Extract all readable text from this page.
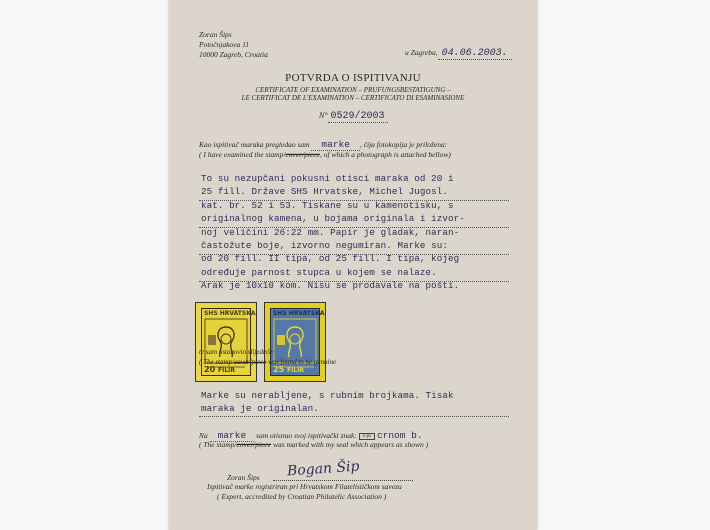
Zoran Šips
Potočnjakova 11
10000 Zagreb, Croatia	u Zagrebu, 04.06.2003.
POTVRDA O ISPITIVANJU
CERTIFICATE OF EXAMINATION – PRUFUNGSBESTATIGUNG –
LE CERTIFICAT DE L'EXAMINATION – CERTIFICATO DI ESAMINASIONE
N° 0529/2003
Kao ispitivač maraka pregledao sam marke , čija fotokopija je priložena:
( I have examined the stamp/cover/piece, of which a photograph is attached bellow)
To su nezupčani pokusni otisci maraka od 20 i
25 fill. Države SHS Hrvatske, Michel Jugosl.
kat. br. 52 i 53. Tiskane su u kamenotisku, s
originalnog kamena, u bojama originala i izvor-
noj veličini 26:22 mm. Papir je gladak, naran-
častožute boje, izvorno negumiran. Marke su:
od 20 fill. II tipa, od 25 fill. I tipa, kojeg
određuje parnost stupca u kojem se nalaze.
Arak je 10x10 kom. Nisu se prodavale na pošti.
SHS HRVATSKA
20 FILIR
SHS HRVATSKA
25 FILIR
te sam ustanovio slijedeće:
( The stamp/cover/piece was found to be genuine
Marke su nerabljene, s rubnim brojkama. Tisak
maraka je originalan.
Na marke sam otisnuo svoj ispitivački znak: z-ps crnom b.
( The stamp/cover/piece was marked with my seal which appears as shown )
Zoran Šips Bogan Šip
Ispitivač marke registriran pri Hrvatskom Filatelističkom savezu
( Expert, accredited by Croatian Philatelic Association )
